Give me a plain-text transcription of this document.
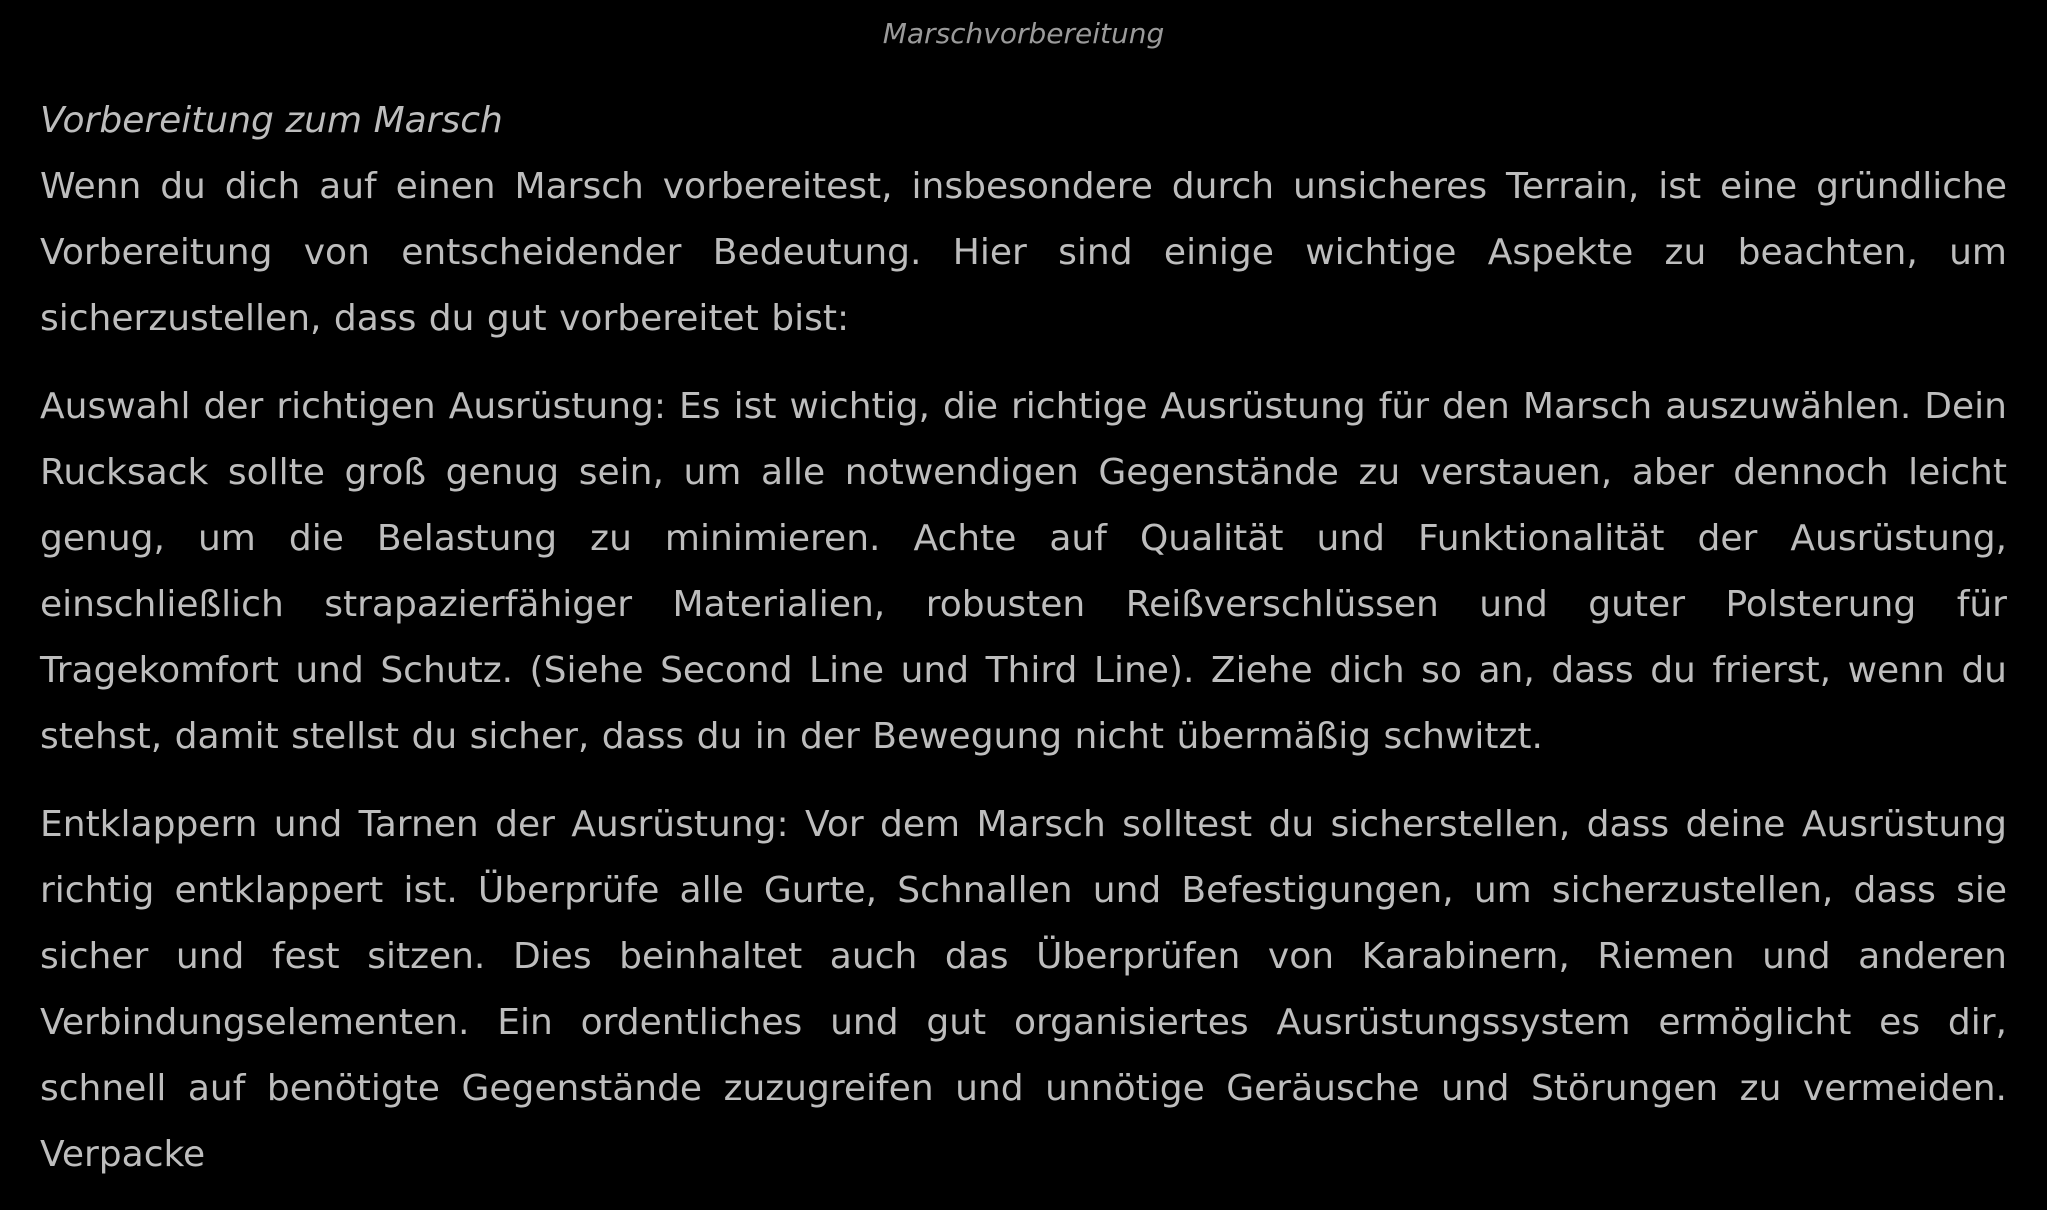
Marschvorbereitung
Vorbereitung zum Marsch

Wenn du dich auf einen Marsch vorbereitest, insbesondere durch unsicheres Terrain, ist eine gründliche Vorbereitung von entscheidender Bedeutung. Hier sind einige wichtige Aspekte zu beachten, um sicherzustellen, dass du gut vorbereitet bist:

Auswahl der richtigen Ausrüstung: Es ist wichtig, die richtige Ausrüstung für den Marsch auszuwählen. Dein Rucksack sollte groß genug sein, um alle notwendigen Gegenstände zu verstauen, aber dennoch leicht genug, um die Belastung zu minimieren. Achte auf Qualität und Funktionalität der Ausrüstung, einschließlich strapazierfähiger Materialien, robusten Reißverschlüssen und guter Polsterung für Tragekomfort und Schutz. (Siehe Second Line und Third Line). Ziehe dich so an, dass du frierst, wenn du stehst, damit stellst du sicher, dass du in der Bewegung nicht übermäßig schwitzt.

Entklappern und Tarnen der Ausrüstung: Vor dem Marsch solltest du sicherstellen, dass deine Ausrüstung richtig entklappert ist. Überprüfe alle Gurte, Schnallen und Befestigungen, um sicherzustellen, dass sie sicher und fest sitzen. Dies beinhaltet auch das Überprüfen von Karabinern, Riemen und anderen Verbindungselementen. Ein ordentliches und gut organisiertes Ausrüstungssystem ermöglicht es dir, schnell auf benötigte Gegenstände zuzugreifen und unnötige Geräusche und Störungen zu vermeiden. Verpacke
